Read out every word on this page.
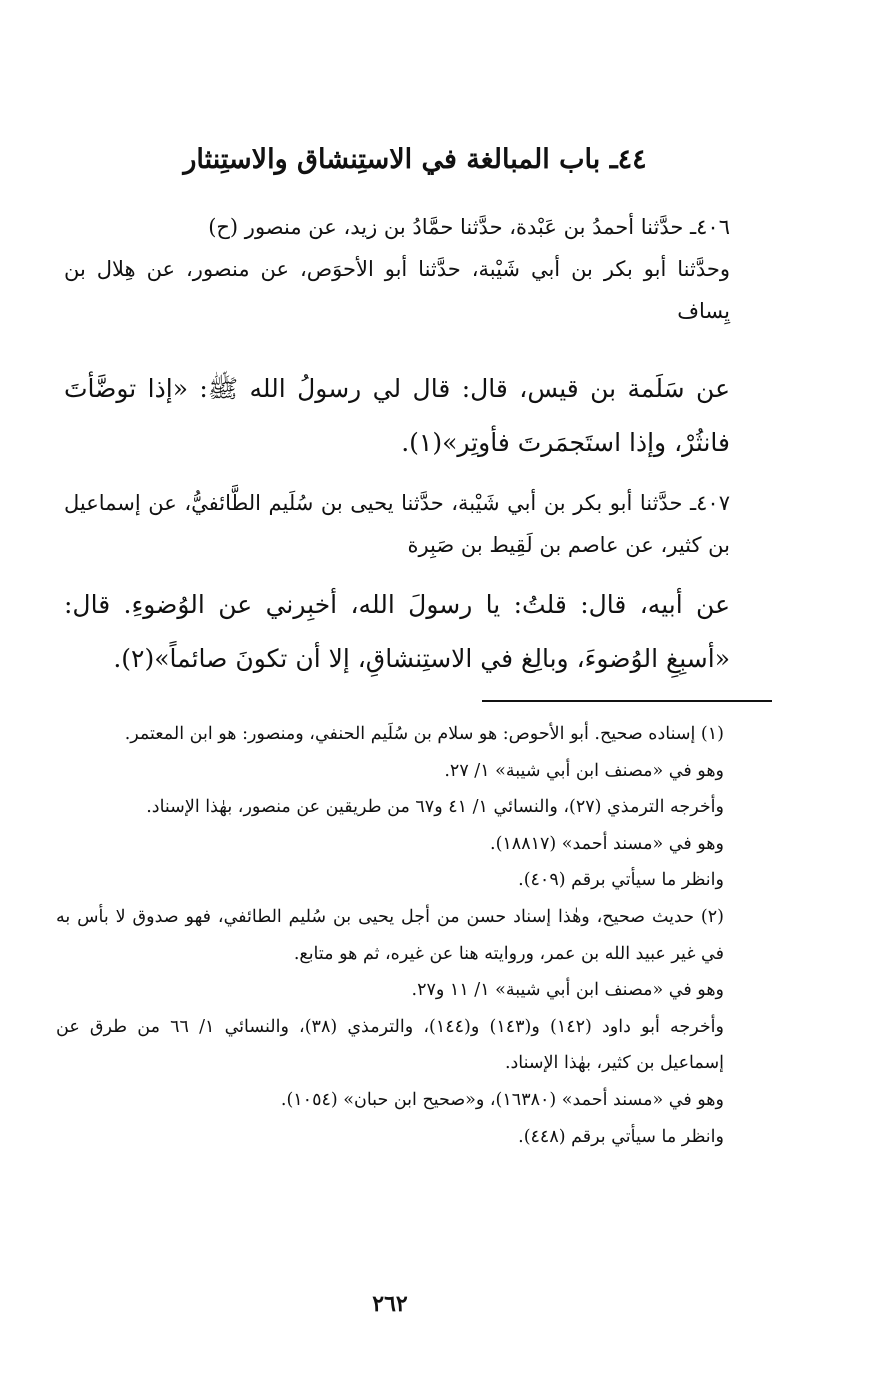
٤٤ـ باب المبالغة في الاستِنشاق والاستِنثار

٤٠٦ـ حدَّثنا أحمدُ بن عَبْدة، حدَّثنا حمَّادُ بن زيد، عن منصور (ح)

وحدَّثنا أبو بكر بن أبي شَيْبة، حدَّثنا أبو الأحوَص، عن منصور، عن هِلال بن يِساف

عن سَلَمة بن قيس، قال: قال لي رسولُ الله ﷺ: «إذا توضَّأتَ فانثُرْ، وإذا استَجمَرتَ فأوتِر»(١).

٤٠٧ـ حدَّثنا أبو بكر بن أبي شَيْبة، حدَّثنا يحيى بن سُلَيم الطَّائفيُّ، عن إسماعيل بن كثير، عن عاصم بن لَقِيط بن صَبِرة

عن أبيه، قال: قلتُ: يا رسولَ الله، أخبِرني عن الوُضوءِ. قال: «أسبِغِ الوُضوءَ، وبالِغ في الاستِنشاقِ، إلا أن تكونَ صائماً»(٢).

(١) إسناده صحيح. أبو الأحوص: هو سلام بن سُلَيم الحنفي، ومنصور: هو ابن المعتمر.

وهو في «مصنف ابن أبي شيبة» ١/ ٢٧.

وأخرجه الترمذي (٢٧)، والنسائي ١/ ٤١ و٦٧ من طريقين عن منصور، بهٰذا الإسناد.

وهو في «مسند أحمد» (١٨٨١٧).

وانظر ما سيأتي برقم (٤٠٩).

(٢) حديث صحيح، وهٰذا إسناد حسن من أجل يحيى بن سُليم الطائفي، فهو صدوق لا بأس به في غير عبيد الله بن عمر، وروايته هنا عن غيره، ثم هو متابع.

وهو في «مصنف ابن أبي شيبة» ١/ ١١ و٢٧.

وأخرجه أبو داود (١٤٢) و(١٤٣) و(١٤٤)، والترمذي (٣٨)، والنسائي ١/ ٦٦ من طرق عن إسماعيل بن كثير، بهٰذا الإسناد.

وهو في «مسند أحمد» (١٦٣٨٠)، و«صحيح ابن حبان» (١٠٥٤).

وانظر ما سيأتي برقم (٤٤٨).

٢٦٢
